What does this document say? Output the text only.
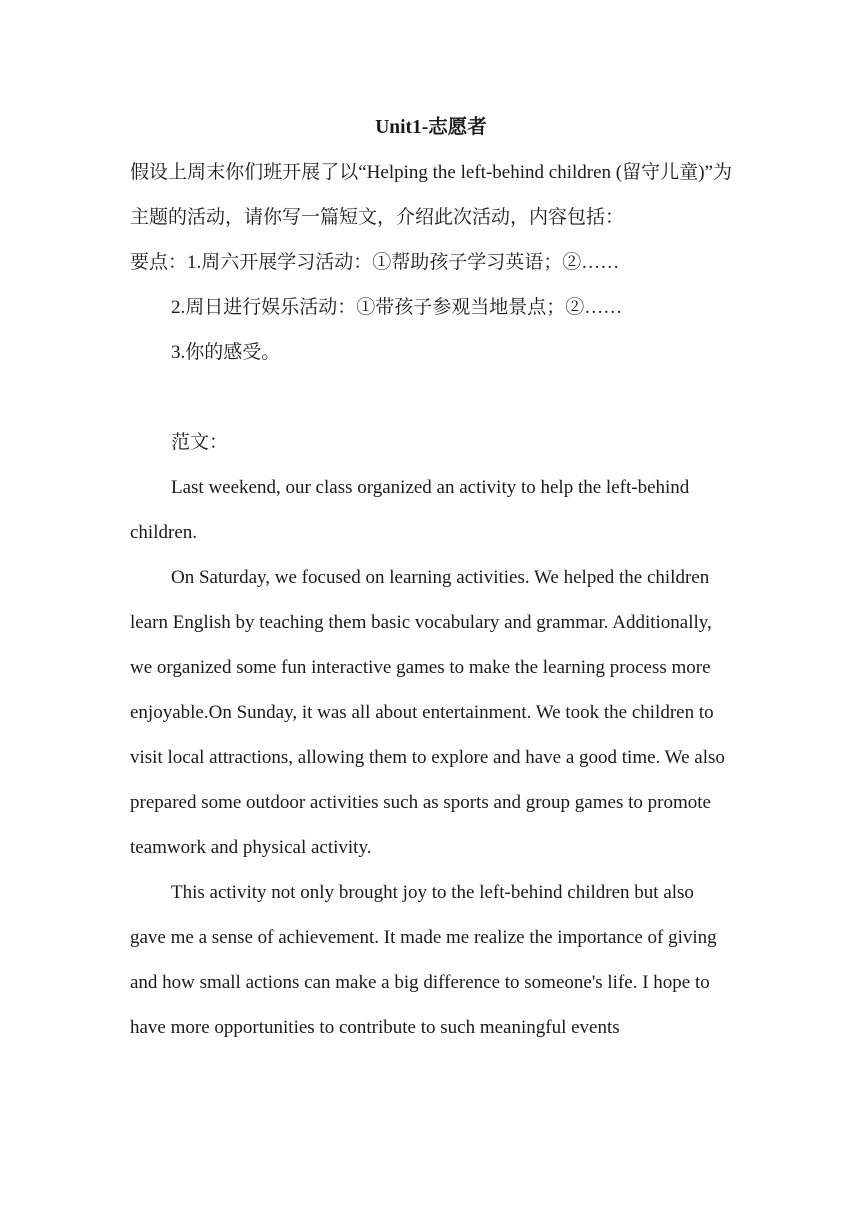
Unit1-志愿者

假设上周末你们班开展了以“Helping the left-behind children (留守儿童)”为主题的活动，请你写一篇短文，介绍此次活动，内容包括：

要点：1.周六开展学习活动：①帮助孩子学习英语；②……

2.周日进行娱乐活动：①带孩子参观当地景点；②……

3.你的感受。

范文：

Last weekend, our class organized an activity to help the left-behind children.

On Saturday, we focused on learning activities. We helped the children learn English by teaching them basic vocabulary and grammar. Additionally, we organized some fun interactive games to make the learning process more enjoyable.On Sunday, it was all about entertainment. We took the children to visit local attractions, allowing them to explore and have a good time. We also prepared some outdoor activities such as sports and group games to promote teamwork and physical activity.

This activity not only brought joy to the left-behind children but also gave me a sense of achievement. It made me realize the importance of giving and how small actions can make a big difference to someone's life. I hope to have more opportunities to contribute to such meaningful events
